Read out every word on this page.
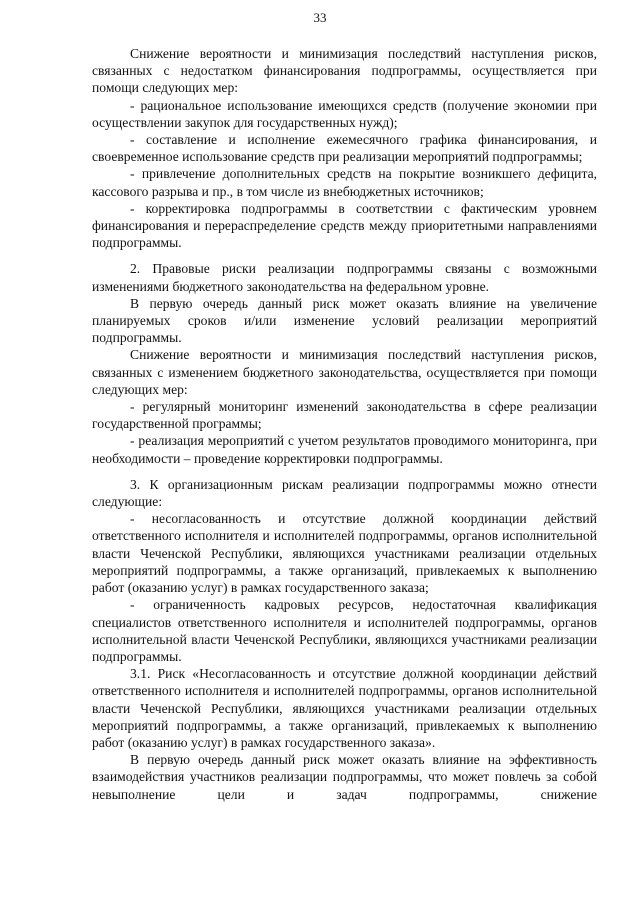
33

Снижение вероятности и минимизация последствий наступления рисков, связанных с недостатком финансирования подпрограммы, осуществляется при помощи следующих мер:

- рациональное использование имеющихся средств (получение экономии при осуществлении закупок для государственных нужд);

- составление и исполнение ежемесячного графика финансирования, и своевременное использование средств при реализации мероприятий подпрограммы;

- привлечение дополнительных средств на покрытие возникшего дефицита, кассового разрыва и пр., в том числе из внебюджетных источников;

- корректировка подпрограммы в соответствии с фактическим уровнем финансирования и перераспределение средств между приоритетными направлениями подпрограммы.

2. Правовые риски реализации подпрограммы связаны с возможными изменениями бюджетного законодательства на федеральном уровне.

В первую очередь данный риск может оказать влияние на увеличение планируемых сроков и/или изменение условий реализации мероприятий подпрограммы.

Снижение вероятности и минимизация последствий наступления рисков, связанных с изменением бюджетного законодательства, осуществляется при помощи следующих мер:

- регулярный мониторинг изменений законодательства в сфере реализации государственной программы;

- реализация мероприятий с учетом результатов проводимого мониторинга, при необходимости – проведение корректировки подпрограммы.

3. К организационным рискам реализации подпрограммы можно отнести следующие:

- несогласованность и отсутствие должной координации действий ответственного исполнителя и исполнителей подпрограммы, органов исполнительной власти Чеченской Республики, являющихся участниками реализации отдельных мероприятий подпрограммы, а также организаций, привлекаемых к выполнению работ (оказанию услуг) в рамках государственного заказа;

- ограниченность кадровых ресурсов, недостаточная квалификация специалистов ответственного исполнителя и исполнителей подпрограммы, органов исполнительной власти Чеченской Республики, являющихся участниками реализации подпрограммы.

3.1. Риск «Несогласованность и отсутствие должной координации действий ответственного исполнителя и исполнителей подпрограммы, органов исполнительной власти Чеченской Республики, являющихся участниками реализации отдельных мероприятий подпрограммы, а также организаций, привлекаемых к выполнению работ (оказанию услуг) в рамках государственного заказа».

В первую очередь данный риск может оказать влияние на эффективность взаимодействия участников реализации подпрограммы, что может повлечь за собой невыполнение цели и задач подпрограммы, снижение
